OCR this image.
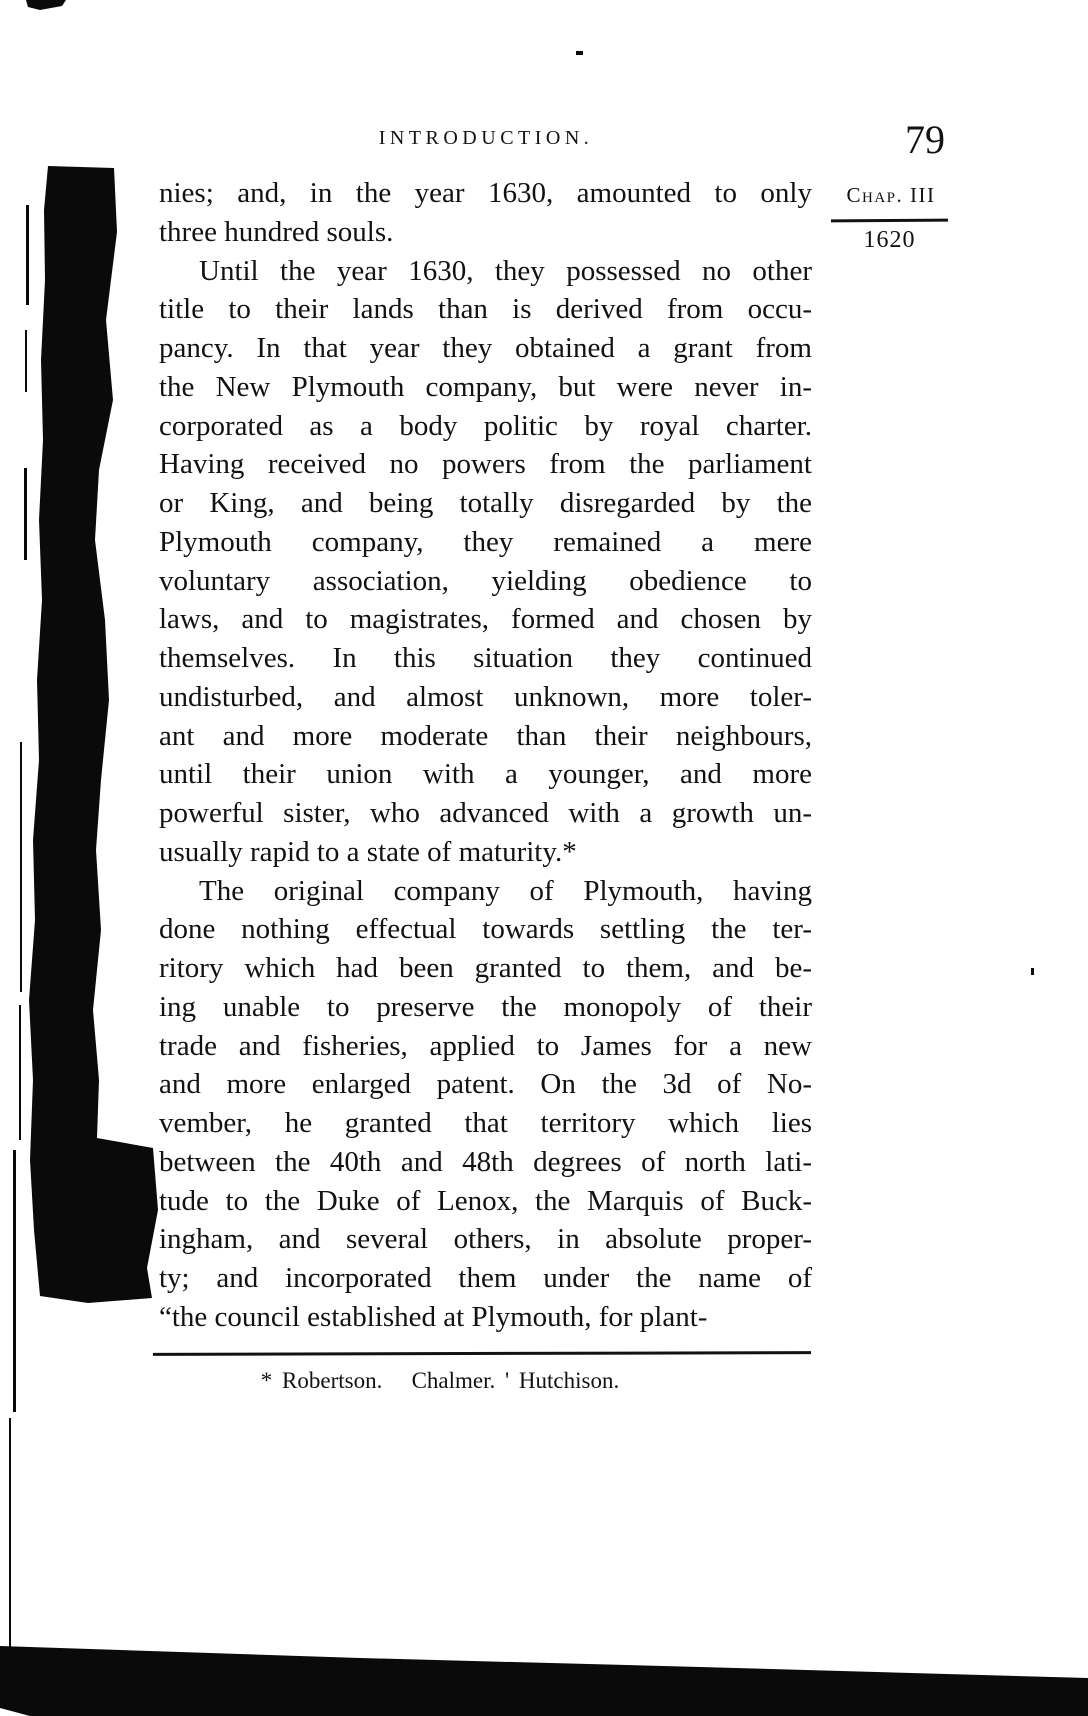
INTRODUCTION.	79
Chap. III
1620
nies; and, in the year 1630, amounted to only
three hundred souls.
Until the year 1630, they possessed no other
title to their lands than is derived from occu-
pancy. In that year they obtained a grant from
the New Plymouth company, but were never in-
corporated as a body politic by royal charter.
Having received no powers from the parliament
or King, and being totally disregarded by the
Plymouth company, they remained a mere
voluntary association, yielding obedience to
laws, and to magistrates, formed and chosen by
themselves. In this situation they continued
undisturbed, and almost unknown, more toler-
ant and more moderate than their neighbours,
until their union with a younger, and more
powerful sister, who advanced with a growth un-
usually rapid to a state of maturity.*
The original company of Plymouth, having
done nothing effectual towards settling the ter-
ritory which had been granted to them, and be-
ing unable to preserve the monopoly of their
trade and fisheries, applied to James for a new
and more enlarged patent. On the 3d of No-
vember, he granted that territory which lies
between the 40th and 48th degrees of north lati-
tude to the Duke of Lenox, the Marquis of Buck-
ingham, and several others, in absolute proper-
ty; and incorporated them under the name of
“the council established at Plymouth, for plant-
* Robertson.   Chalmer. ' Hutchison.
